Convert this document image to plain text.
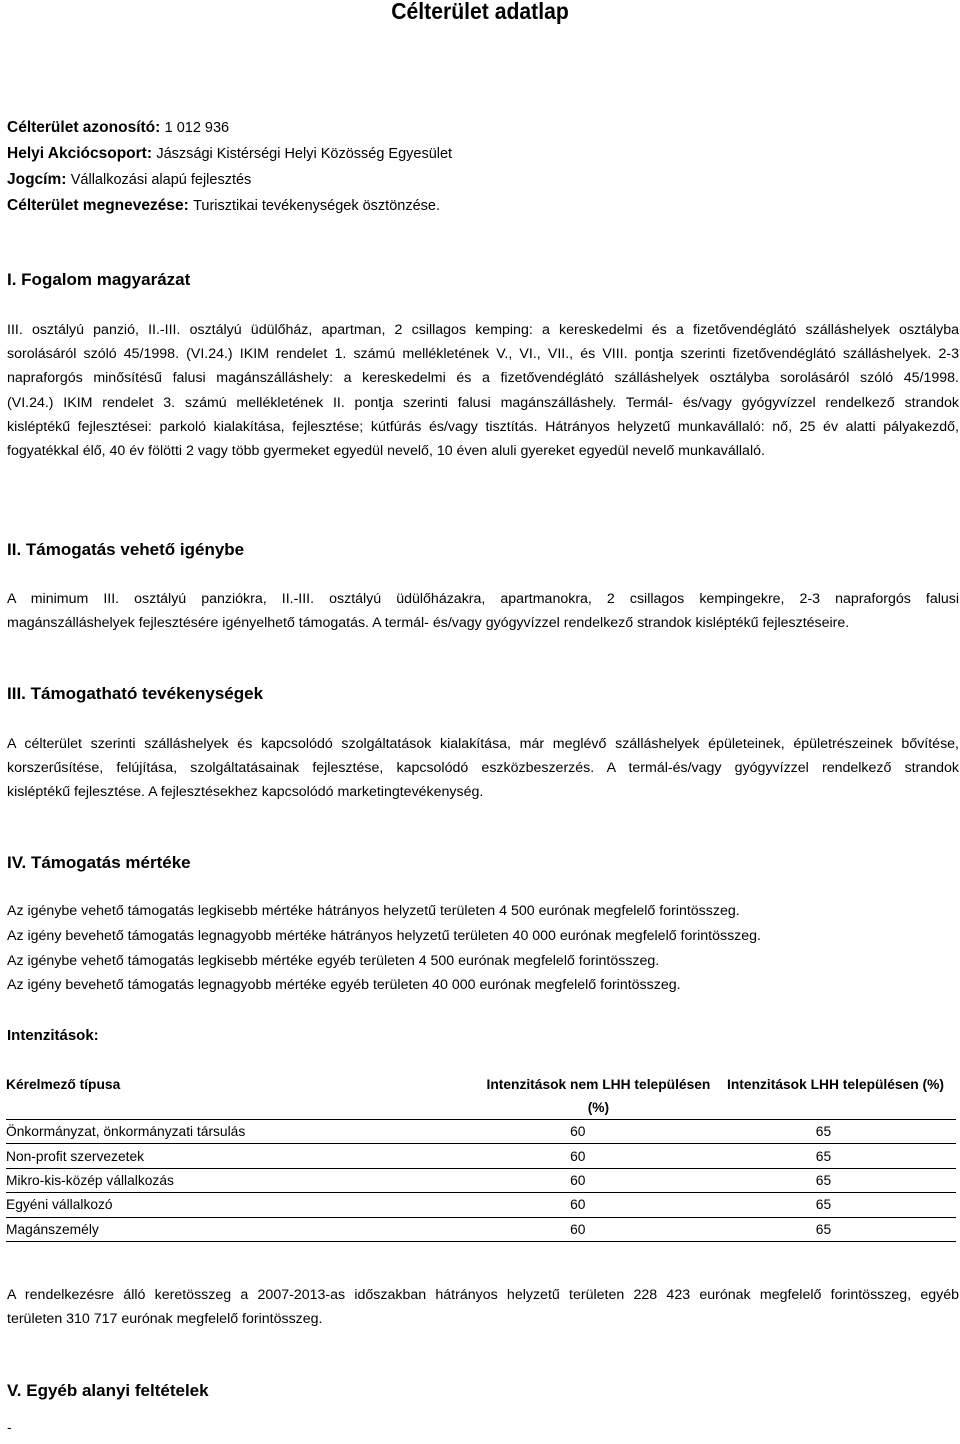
Célterület adatlap
Célterület azonosító: 1 012 936
Helyi Akciócsoport: Jászsági Kistérségi Helyi Közösség Egyesület
Jogcím: Vállalkozási alapú fejlesztés
Célterület megnevezése: Turisztikai tevékenységek ösztönzése.
I. Fogalom magyarázat
III. osztályú panzió, II.-III. osztályú üdülőház, apartman, 2 csillagos kemping: a kereskedelmi és a fizetővendéglátó szálláshelyek osztályba
sorolásáról szóló 45/1998. (VI.24.) IKIM rendelet 1. számú mellékletének V., VI., VII., és VIII. pontja szerinti fizetővendéglátó szálláshelyek. 2-3
napraforgós minősítésű falusi magánszálláshely: a kereskedelmi és a fizetővendéglátó szálláshelyek osztályba sorolásáról szóló 45/1998.
(VI.24.) IKIM rendelet 3. számú mellékletének II. pontja szerinti falusi magánszálláshely. Termál- és/vagy gyógyvízzel rendelkező strandok
kisléptékű fejlesztései: parkoló kialakítása, fejlesztése; kútfúrás és/vagy tisztítás. Hátrányos helyzetű munkavállaló: nő, 25 év alatti pályakezdő,
fogyatékkal élő, 40 év fölötti 2 vagy több gyermeket egyedül nevelő, 10 éven aluli gyereket egyedül nevelő munkavállaló.
II. Támogatás vehető igénybe
A minimum III. osztályú panziókra, II.-III. osztályú üdülőházakra, apartmanokra, 2 csillagos kempingekre, 2-3 napraforgós falusi
magánszálláshelyek fejlesztésére igényelhető támogatás. A termál- és/vagy gyógyvízzel rendelkező strandok kisléptékű fejlesztéseire.
III. Támogatható tevékenységek
A célterület szerinti szálláshelyek és kapcsolódó szolgáltatások kialakítása, már meglévő szálláshelyek épületeinek, épületrészeinek bővítése,
korszerűsítése, felújítása, szolgáltatásainak fejlesztése, kapcsolódó eszközbeszerzés. A termál-és/vagy gyógyvízzel rendelkező strandok
kisléptékű fejlesztése. A fejlesztésekhez kapcsolódó marketingtevékenység.
IV. Támogatás mértéke
Az igénybe vehető támogatás legkisebb mértéke hátrányos helyzetű területen 4 500 eurónak megfelelő forintösszeg.
Az igény bevehető támogatás legnagyobb mértéke hátrányos helyzetű területen 40 000 eurónak megfelelő forintösszeg.
Az igénybe vehető támogatás legkisebb mértéke egyéb területen 4 500 eurónak megfelelő forintösszeg.
Az igény bevehető támogatás legnagyobb mértéke egyéb területen 40 000 eurónak megfelelő forintösszeg.
Intenzitások:
Kérelmező típusa	Intenzitások nem LHH településen (%)	Intenzitások LHH településen (%)
Önkormányzat, önkormányzati társulás	60	65
Non-profit szervezetek	60	65
Mikro-kis-közép vállalkozás	60	65
Egyéni vállalkozó	60	65
Magánszemély	60	65
A rendelkezésre álló keretösszeg a 2007-2013-as időszakban hátrányos helyzetű területen 228 423 eurónak megfelelő forintösszeg, egyéb
területen 310 717 eurónak megfelelő forintösszeg.
V. Egyéb alanyi feltételek
-
